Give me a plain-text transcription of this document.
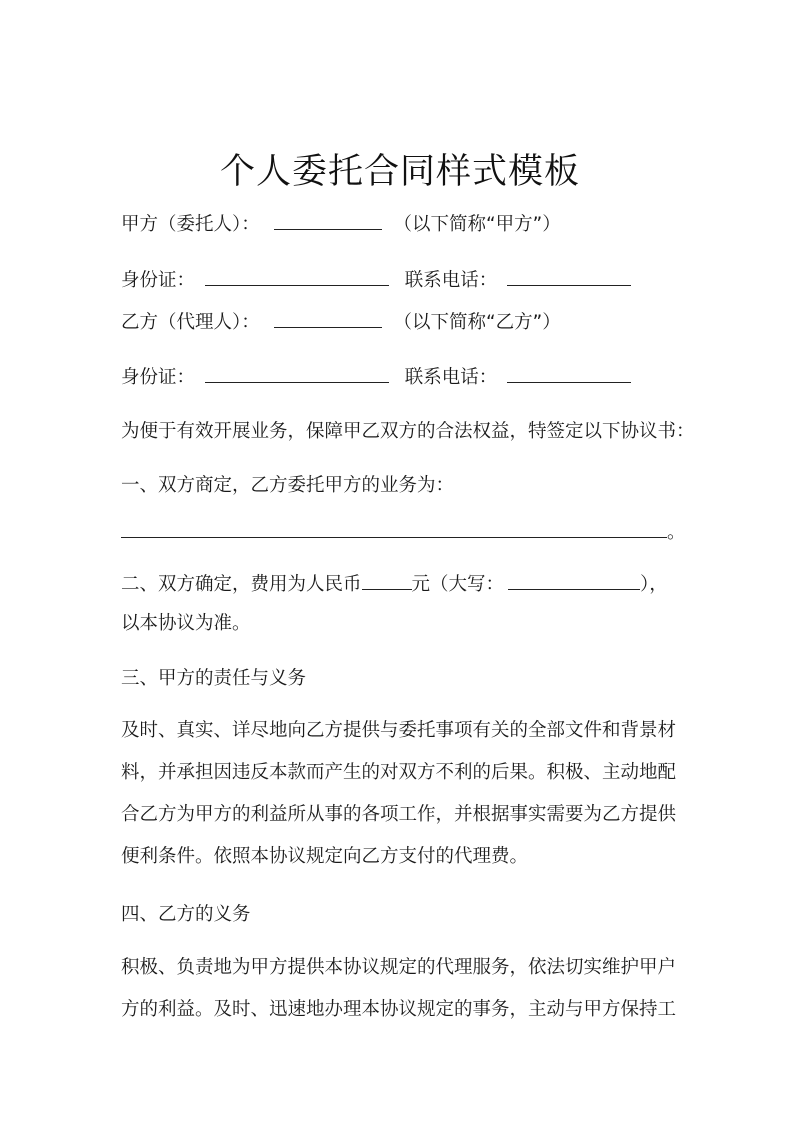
个人委托合同样式模板
甲方（委托人）：	（以下简称“甲方”）
身份证：	联系电话：
乙方（代理人）：	（以下简称“乙方”）
身份证：	联系电话：
为便于有效开展业务，保障甲乙双方的合法权益，特签定以下协议书：
一、双方商定，乙方委托甲方的业务为：
。
二、双方确定，费用为人民币	元（大写：	），
以本协议为准。
三、甲方的责任与义务
及时、真实、详尽地向乙方提供与委托事项有关的全部文件和背景材
料，并承担因违反本款而产生的对双方不利的后果。积极、主动地配
合乙方为甲方的利益所从事的各项工作，并根据事实需要为乙方提供
便利条件。依照本协议规定向乙方支付的代理费。
四、乙方的义务
积极、负责地为甲方提供本协议规定的代理服务，依法切实维护甲户
方的利益。及时、迅速地办理本协议规定的事务，主动与甲方保持工
